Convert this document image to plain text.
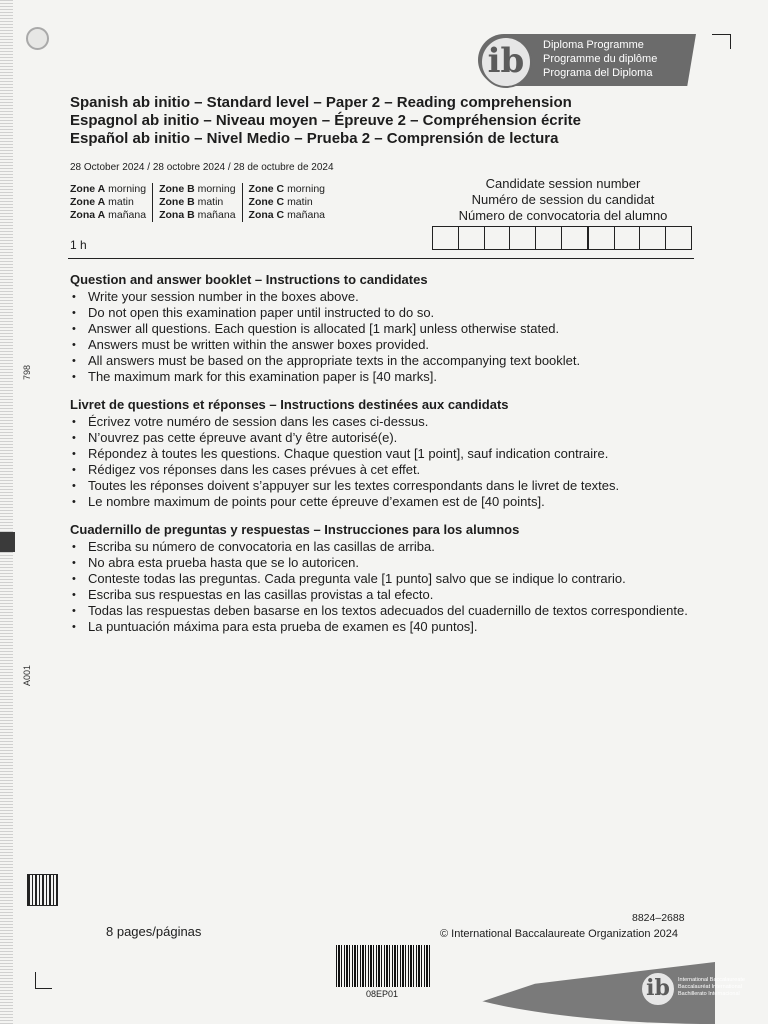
798
A001
ib	Diploma Programme
Programme du diplôme
Programa del Diploma
Spanish ab initio – Standard level – Paper 2 – Reading comprehension
Espagnol ab initio – Niveau moyen – Épreuve 2 – Compréhension écrite
Español ab initio – Nivel Medio – Prueba 2 – Comprensión de lectura
28 October 2024 / 28 octobre 2024 / 28 de octubre de 2024
Zone A morning
Zone A matin
Zona A mañana
Zone B morning
Zone B matin
Zona B mañana
Zone C morning
Zone C matin
Zona C mañana
Candidate session number
Numéro de session du candidat
Número de convocatoria del alumno
1 h
Question and answer booklet – Instructions to candidates
• Write your session number in the boxes above.
• Do not open this examination paper until instructed to do so.
• Answer all questions. Each question is allocated [1 mark] unless otherwise stated.
• Answers must be written within the answer boxes provided.
• All answers must be based on the appropriate texts in the accompanying text booklet.
• The maximum mark for this examination paper is [40 marks].
Livret de questions et réponses – Instructions destinées aux candidats
• Écrivez votre numéro de session dans les cases ci-dessus.
• N’ouvrez pas cette épreuve avant d’y être autorisé(e).
• Répondez à toutes les questions. Chaque question vaut [1 point], sauf indication contraire.
• Rédigez vos réponses dans les cases prévues à cet effet.
• Toutes les réponses doivent s’appuyer sur les textes correspondants dans le livret de textes.
• Le nombre maximum de points pour cette épreuve d’examen est de [40 points].
Cuadernillo de preguntas y respuestas – Instrucciones para los alumnos
• Escriba su número de convocatoria en las casillas de arriba.
• No abra esta prueba hasta que se lo autoricen.
• Conteste todas las preguntas. Cada pregunta vale [1 punto] salvo que se indique lo contrario.
• Escriba sus respuestas en las casillas provistas a tal efecto.
• Todas las respuestas deben basarse en los textos adecuados del cuadernillo de textos correspondiente.
• La puntuación máxima para esta prueba de examen es [40 puntos].
8 pages/páginas
8824–2688
© International Baccalaureate Organization 2024
08EP01	ib	International Baccalaureate
Baccalauréat International
Bachillerato Internacional
